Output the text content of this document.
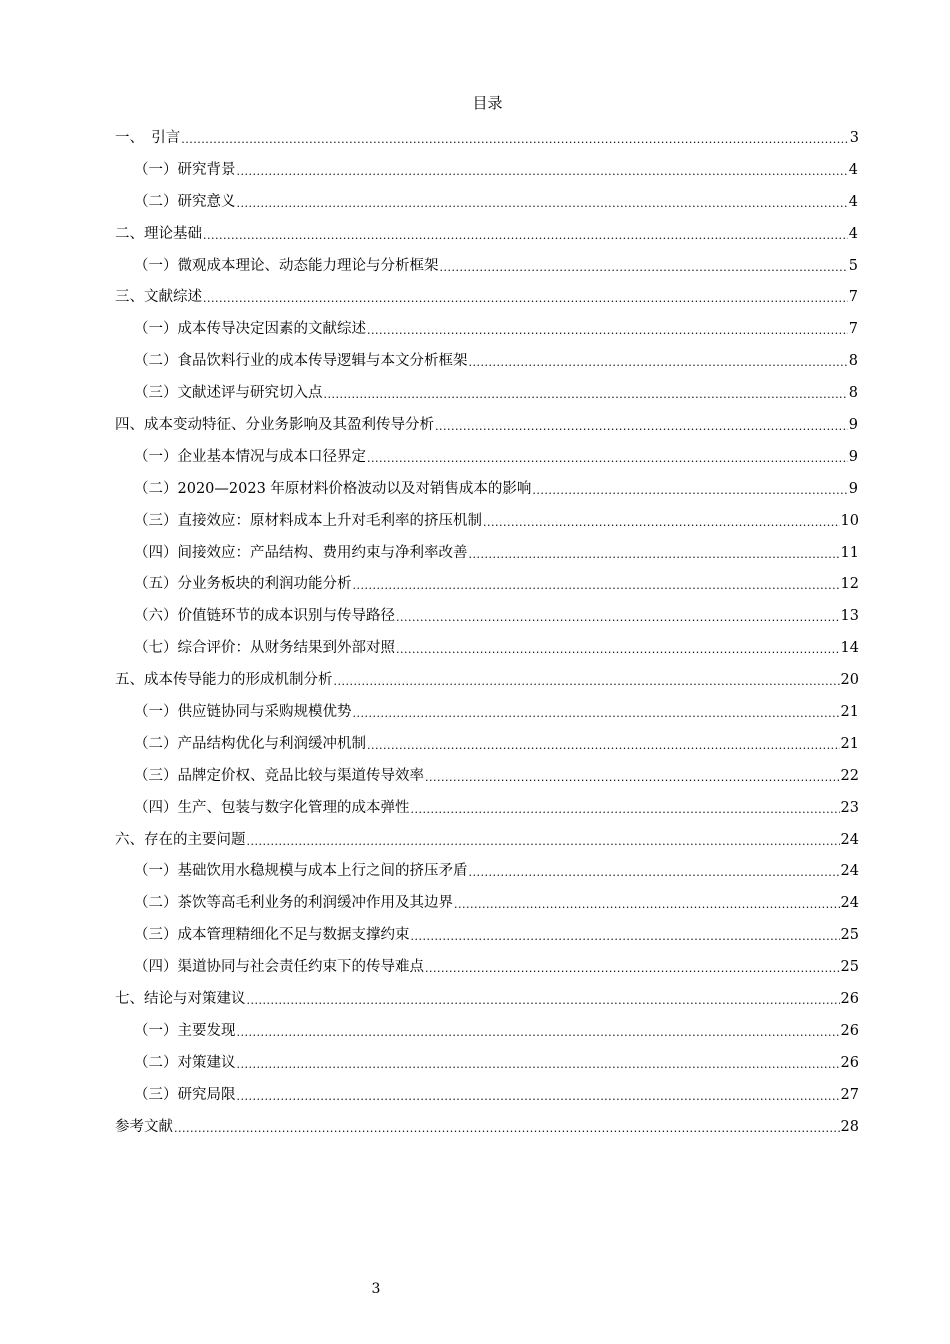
目录
一、　引言 .....	3
（一）研究背景 .....	4
（二）研究意义 .....	4
二、理论基础 .....	4
（一）微观成本理论、动态能力理论与分析框架 .....	5
三、文献综述 .....	7
（一）成本传导决定因素的文献综述 .....	7
（二）食品饮料行业的成本传导逻辑与本文分析框架 .....	8
（三）文献述评与研究切入点 .....	8
四、成本变动特征、分业务影响及其盈利传导分析 .....	9
（一）企业基本情况与成本口径界定 .....	9
（二）2020—2023 年原材料价格波动以及对销售成本的影响 .....	9
（三）直接效应：原材料成本上升对毛利率的挤压机制 .....	10
（四）间接效应：产品结构、费用约束与净利率改善 .....	11
（五）分业务板块的利润功能分析 .....	12
（六）价值链环节的成本识别与传导路径 .....	13
（七）综合评价：从财务结果到外部对照 .....	14
五、成本传导能力的形成机制分析 .....	20
（一）供应链协同与采购规模优势 .....	21
（二）产品结构优化与利润缓冲机制 .....	21
（三）品牌定价权、竞品比较与渠道传导效率 .....	22
（四）生产、包装与数字化管理的成本弹性 .....	23
六、存在的主要问题 .....	24
（一）基础饮用水稳规模与成本上行之间的挤压矛盾 .....	24
（二）茶饮等高毛利业务的利润缓冲作用及其边界 .....	24
（三）成本管理精细化不足与数据支撑约束 .....	25
（四）渠道协同与社会责任约束下的传导难点 .....	25
七、结论与对策建议 .....	26
（一）主要发现 .....	26
（二）对策建议 .....	26
（三）研究局限 .....	27
参考文献 .....	28
3
